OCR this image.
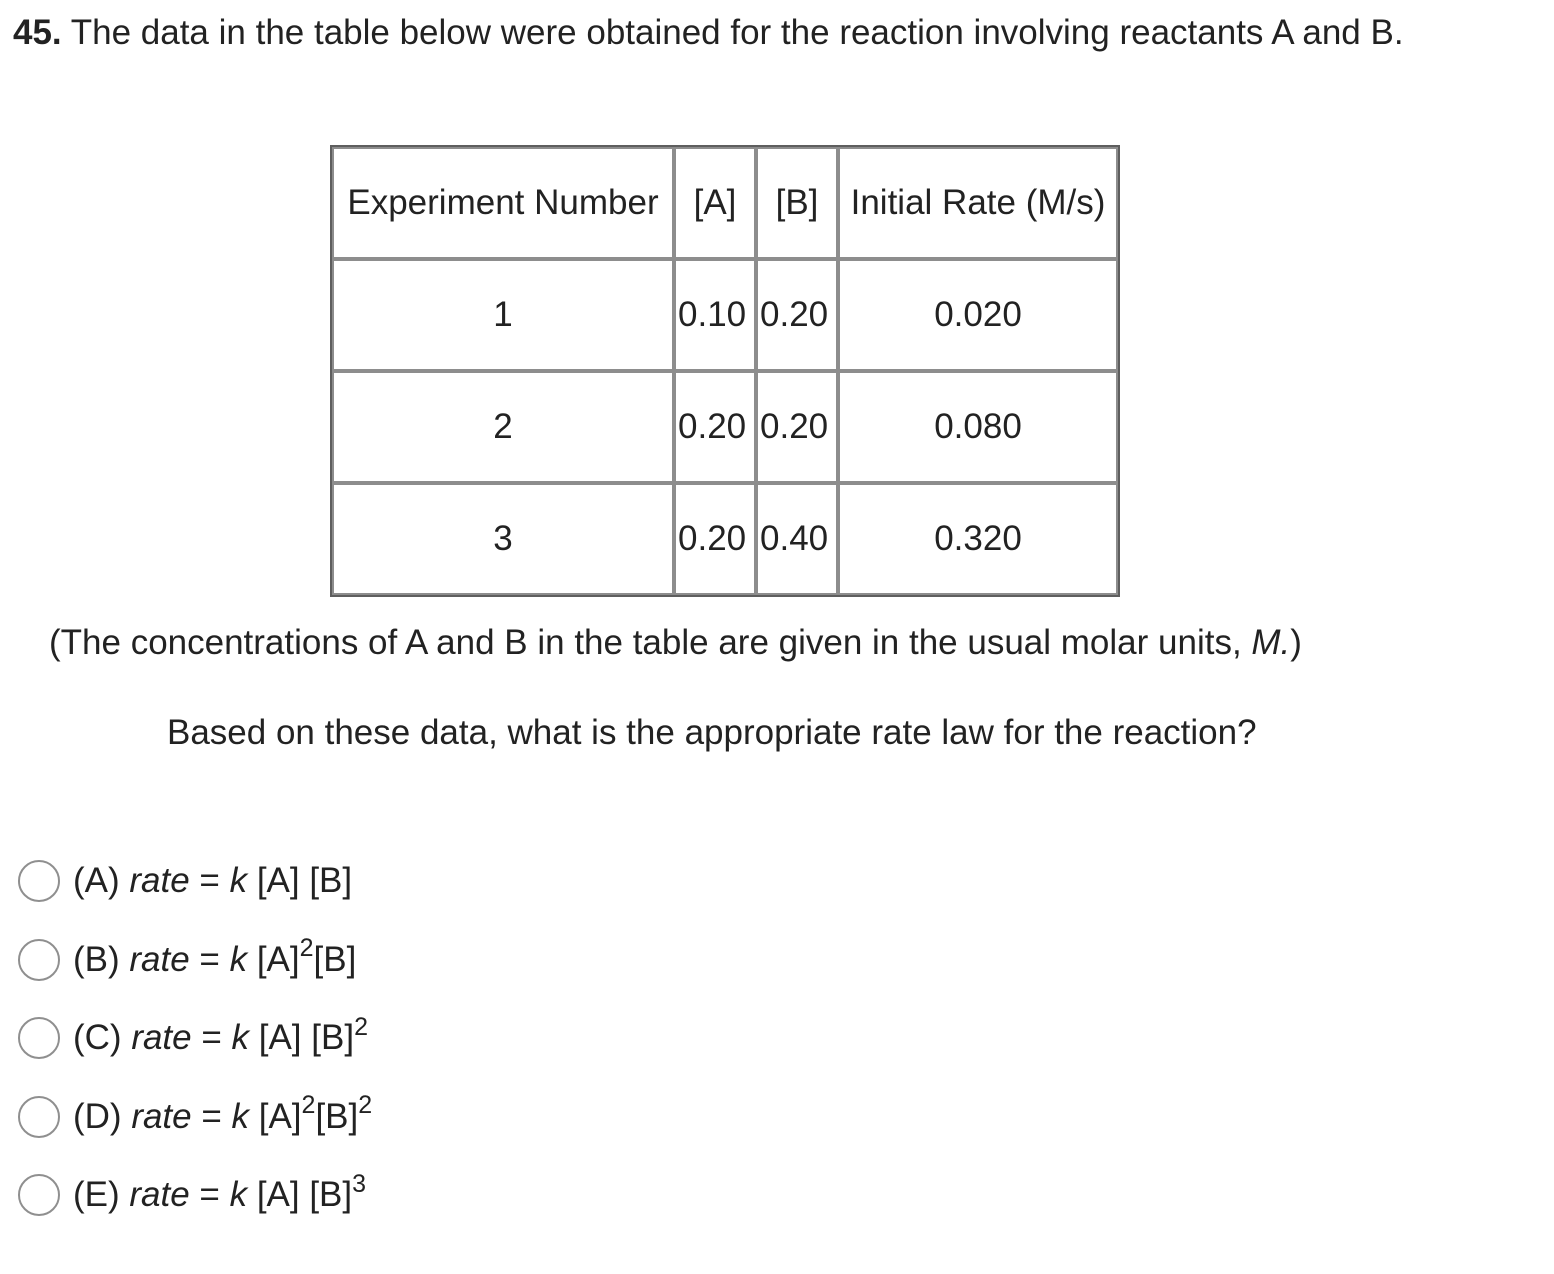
45. The data in the table below were obtained for the reaction involving reactants A and B.
Experiment Number	[A]	[B]	Initial Rate (M/s)
1	0.10	0.20	0.020
2	0.20	0.20	0.080
3	0.20	0.40	0.320
(The concentrations of A and B in the table are given in the usual molar units, M.)
Based on these data, what is the appropriate rate law for the reaction?
(A) rate = k [A] [B]
(B) rate = k $[A]^2[B]$
(C) rate = k [A] $[B]^2$
(D) rate = k $[A]^2[B]^2$
(E) rate = k [A] $[B]^3$
